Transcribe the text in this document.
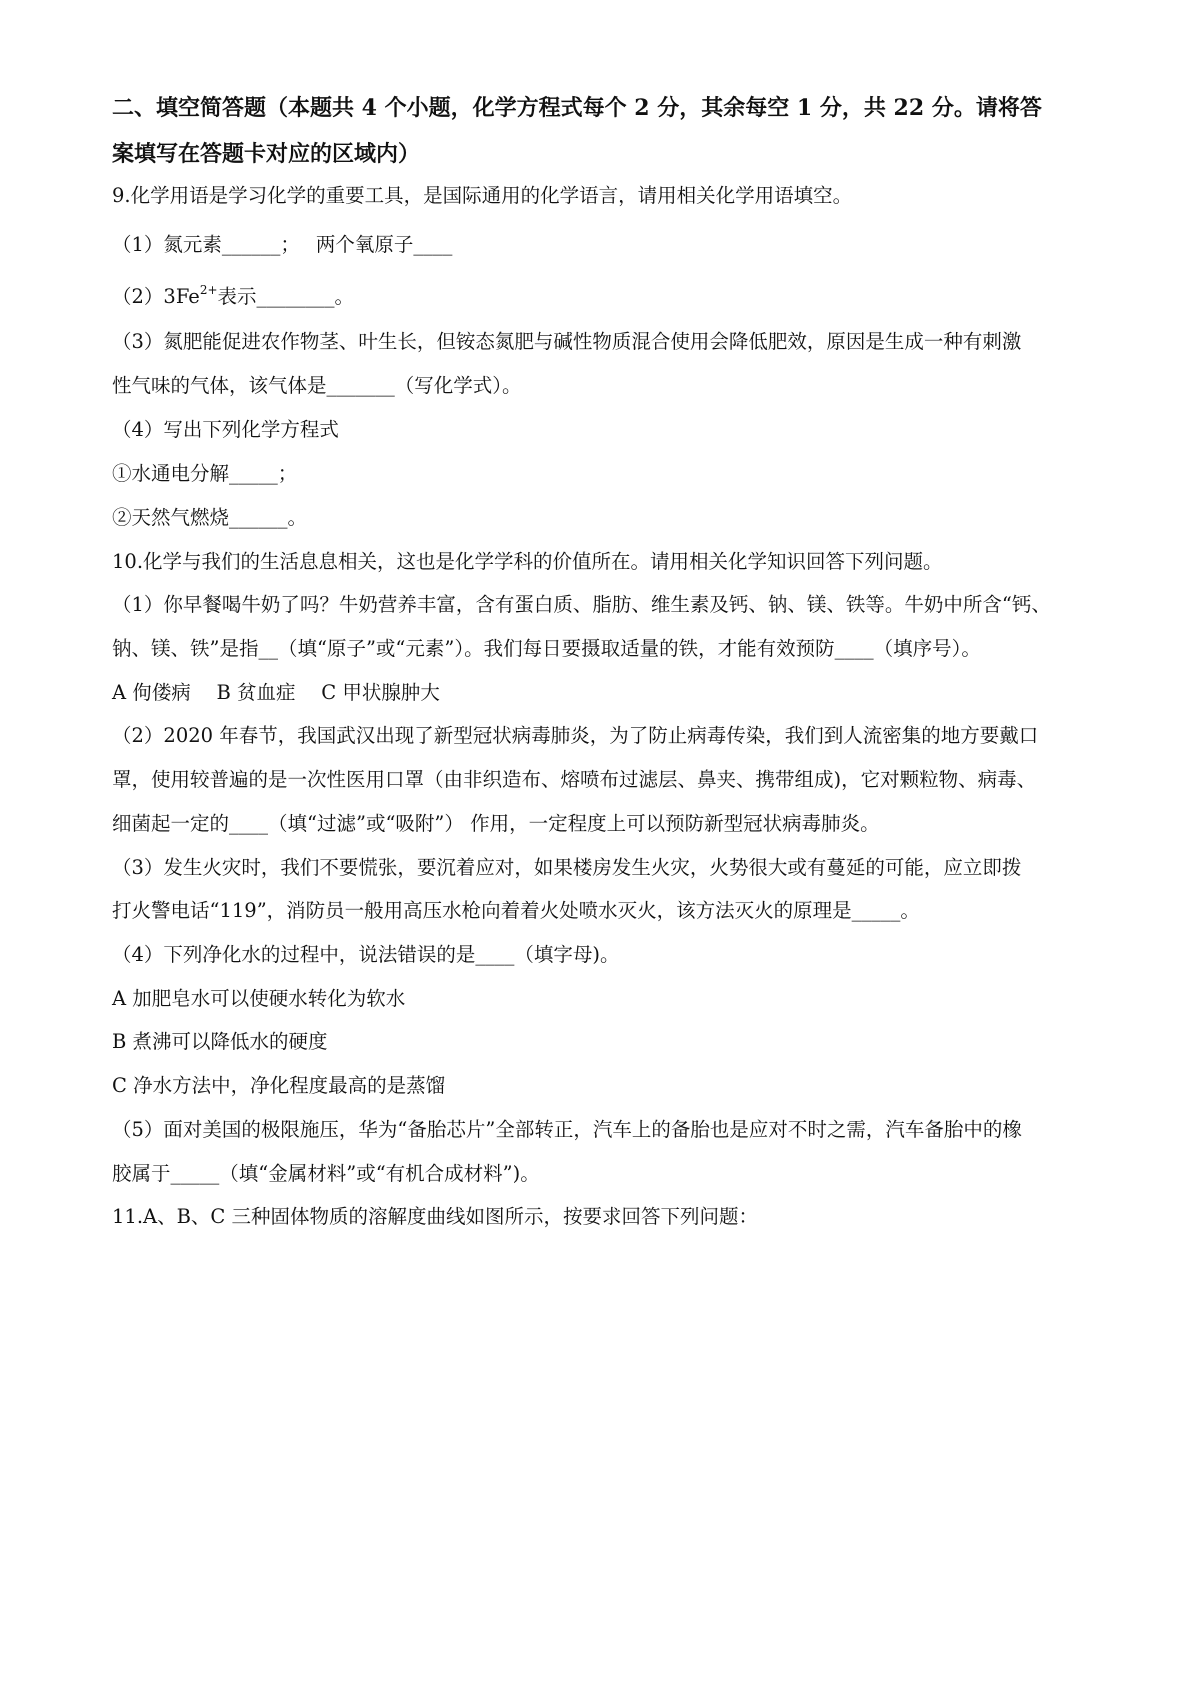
二、填空简答题（本题共 4 个小题，化学方程式每个 2 分，其余每空 1 分，共 22 分。请将答
案填写在答题卡对应的区域内）
9.化学用语是学习化学的重要工具，是国际通用的化学语言，请用相关化学用语填空。
（1）氮元素______；　 两个氧原子____
$(2)3Fe^{2+}$表示________。
（3）氮肥能促进农作物茎、叶生长，但铵态氮肥与碱性物质混合使用会降低肥效，原因是生成一种有刺激
性气味的气体，该气体是_______（写化学式）。
（4）写出下列化学方程式
①水通电分解_____；
②天然气燃烧______。
10.化学与我们的生活息息相关，这也是化学学科的价值所在。请用相关化学知识回答下列问题。
（1）你早餐喝牛奶了吗？牛奶营养丰富，含有蛋白质、脂肪、维生素及钙、钠、镁、铁等。牛奶中所含“钙、
钠、镁、铁”是指__（填“原子”或“元素”）。我们每日要摄取适量的铁，才能有效预防____（填序号）。
A 佝偻病　 B 贫血症　 C 甲状腺肿大
（2）2020 年春节，我国武汉出现了新型冠状病毒肺炎，为了防止病毒传染，我们到人流密集的地方要戴口
罩，使用较普遍的是一次性医用口罩（由非织造布、熔喷布过滤层、鼻夹、携带组成)，它对颗粒物、病毒、
细菌起一定的____（填“过滤”或“吸附”） 作用，一定程度上可以预防新型冠状病毒肺炎。
（3）发生火灾时，我们不要慌张，要沉着应对，如果楼房发生火灾，火势很大或有蔓延的可能，应立即拨
打火警电话“119”，消防员一般用高压水枪向着着火处喷水灭火，该方法灭火的原理是_____。
（4）下列净化水的过程中，说法错误的是____（填字母)。
A 加肥皂水可以使硬水转化为软水
B 煮沸可以降低水的硬度
C 净水方法中，净化程度最高的是蒸馏
（5）面对美国的极限施压，华为“备胎芯片”全部转正，汽车上的备胎也是应对不时之需，汽车备胎中的橡
胶属于_____（填“金属材料”或“有机合成材料”)。
11.A、B、C 三种固体物质的溶解度曲线如图所示，按要求回答下列问题：
